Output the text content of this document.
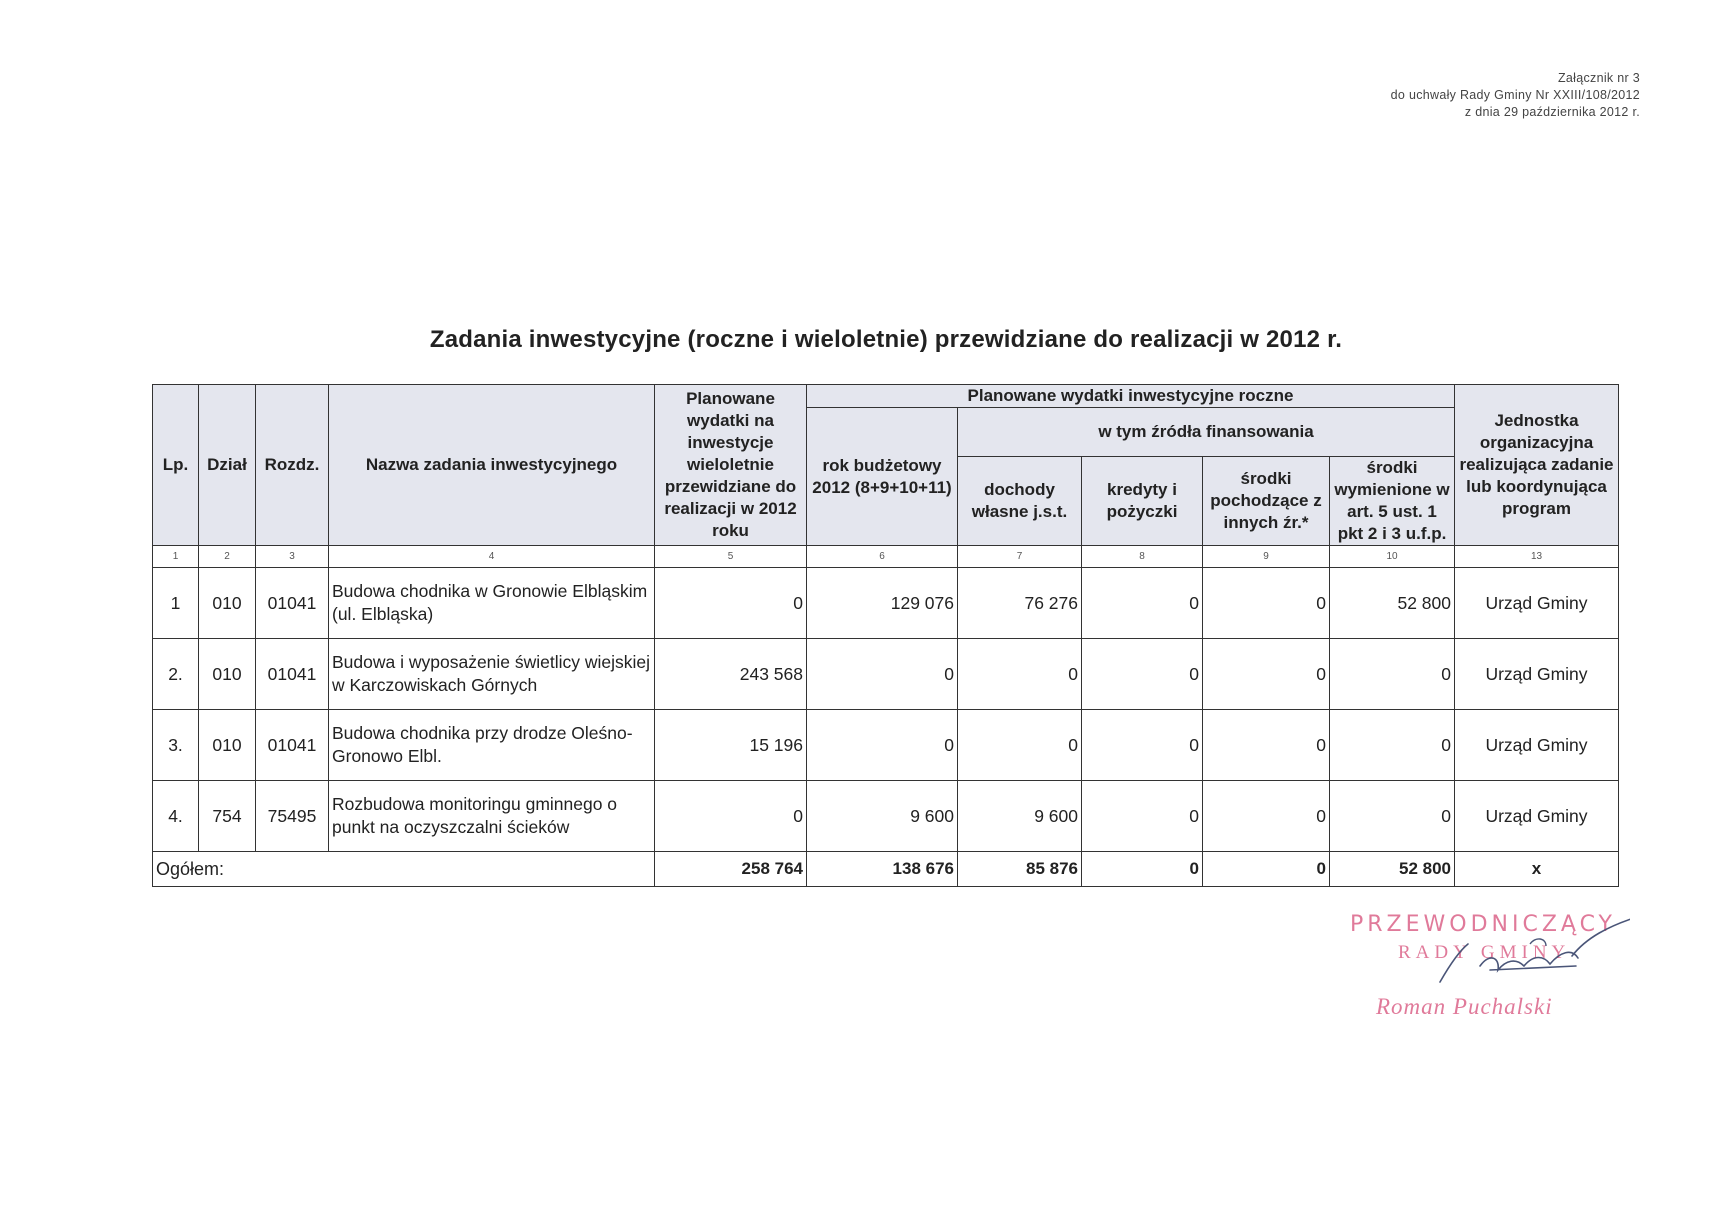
Załącznik nr 3
do uchwały Rady Gminy Nr XXIII/108/2012
z dnia 29 października 2012 r.
Zadania inwestycyjne (roczne i wieloletnie) przewidziane do realizacji w 2012 r.
Lp.	Dział	Rozdz.	Nazwa zadania inwestycyjnego	Planowane wydatki na inwestycje wieloletnie przewidziane do realizacji w 2012 roku	Planowane wydatki inwestycyjne roczne					Jednostka organizacyjna realizująca zadanie lub koordynująca program
					rok budżetowy 2012 (8+9+10+11)	w tym źródła finansowania				
						dochody własne j.s.t.	kredyty i pożyczki	środki pochodzące z innych źr.*	środki wymienione w art. 5 ust. 1 pkt 2 i 3 u.f.p.	
1	2	3	4	5	6	7	8	9	10	13
1	010	01041	Budowa chodnika w Gronowie Elbląskim (ul. Elbląska)	0	129 076	76 276	0	0	52 800	Urząd Gminy
2.	010	01041	Budowa i wyposażenie świetlicy wiejskiej w Karczowiskach Górnych	243 568	0	0	0	0	0	Urząd Gminy
3.	010	01041	Budowa chodnika przy drodze Oleśno-Gronowo Elbl.	15 196	0	0	0	0	0	Urząd Gminy
4.	754	75495	Rozbudowa monitoringu gminnego o punkt na oczyszczalni ścieków	0	9 600	9 600	0	0	0	Urząd Gminy
Ogółem:				258 764	138 676	85 876	0	0	52 800	x
PRZEWODNICZĄCY
RADY GMINY
Roman Puchalski
